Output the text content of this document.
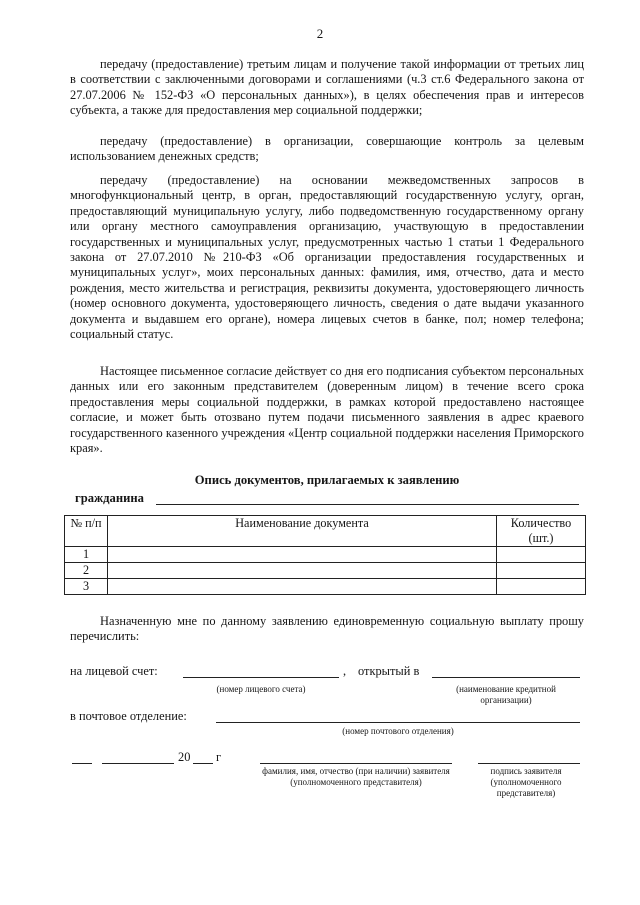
2

передачу (предоставление) третьим лицам и получение такой информации от третьих лиц в соответствии с заключенными договорами и соглашениями (ч.3 ст.6 Федерального закона от 27.07.2006 № 152-ФЗ «О персональных данных»), в целях обеспечения прав и интересов субъекта, а также для предоставления мер социальной поддержки;

передачу (предоставление) в организации, совершающие контроль за целевым использованием денежных средств;

передачу (предоставление) на основании межведомственных запросов в многофункциональный центр, в орган, предоставляющий государственную услугу, орган, предоставляющий муниципальную услугу, либо подведомственную государственному органу или органу местного самоуправления организацию, участвующую в предоставлении государственных и муниципальных услуг, предусмотренных частью 1 статьи 1 Федерального закона от 27.07.2010 №210-ФЗ «Об организации предоставления государственных и муниципальных услуг», моих персональных данных: фамилия, имя, отчество, дата и место рождения, место жительства и регистрация, реквизиты документа, удостоверяющего личность (номер основного документа, удостоверяющего личность, сведения о дате выдачи указанного документа и выдавшем его органе), номера лицевых счетов в банке, пол; номер телефона; социальный статус.

Настоящее письменное согласие действует со дня его подписания субъектом персональных данных или его законным представителем (доверенным лицом) в течение всего срока предоставления меры социальной поддержки, в рамках которой предоставлено настоящее согласие, и может быть отозвано путем подачи письменного заявления в адрес краевого государственного казенного учреждения «Центр социальной поддержки населения Приморского края».

Опись документов, прилагаемых к заявлению
гражданина
№ п/п	Наименование документа	Количество (шт.)
1		
2		
3		

Назначенную мне по данному заявлению единовременную социальную выплату прошу перечислить:

на лицевой счет:	,
(номер лицевого счета)
открытый в
(наименование кредитной организации)
в почтовое отделение:
(номер почтового отделения)
20 г
фамилия, имя, отчество (при наличии) заявителя (уполномоченного представителя)
подпись заявителя (уполномоченного представителя)
